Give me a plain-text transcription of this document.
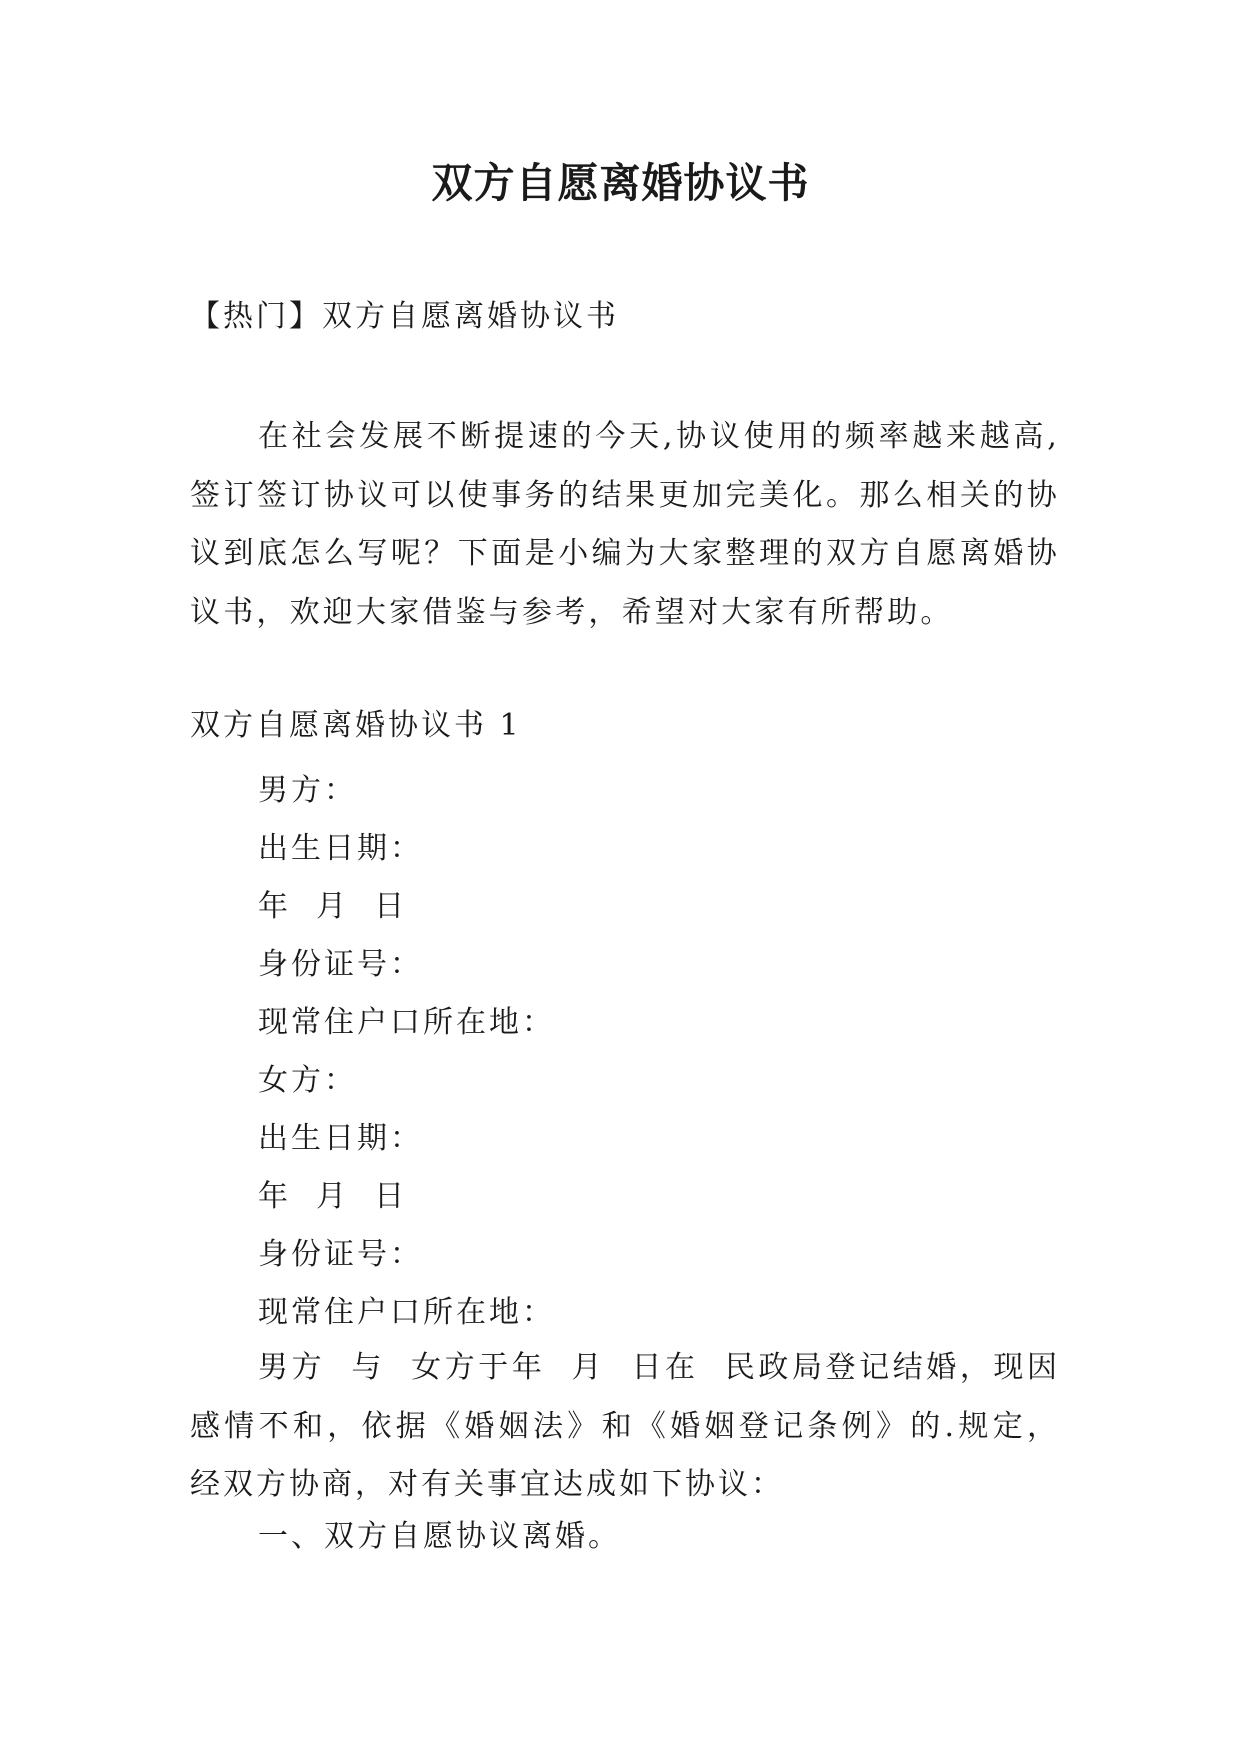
双方自愿离婚协议书
【热门】双方自愿离婚协议书

在社会发展不断提速的今天,协议使用的频率越来越高,签订签订协议可以使事务的结果更加完美化。那么相关的协议到底怎么写呢？下面是小编为大家整理的双方自愿离婚协议书，欢迎大家借鉴与参考，希望对大家有所帮助。

双方自愿离婚协议书 1
男方：
出生日期：
年  月  日
身份证号：
现常住户口所在地：
女方：
出生日期：
年  月  日
身份证号：
现常住户口所在地：

男方  与  女方于年  月  日在  民政局登记结婚，现因感情不和，依据《婚姻法》和《婚姻登记条例》的.规定，经双方协商，对有关事宜达成如下协议：

一、双方自愿协议离婚。
